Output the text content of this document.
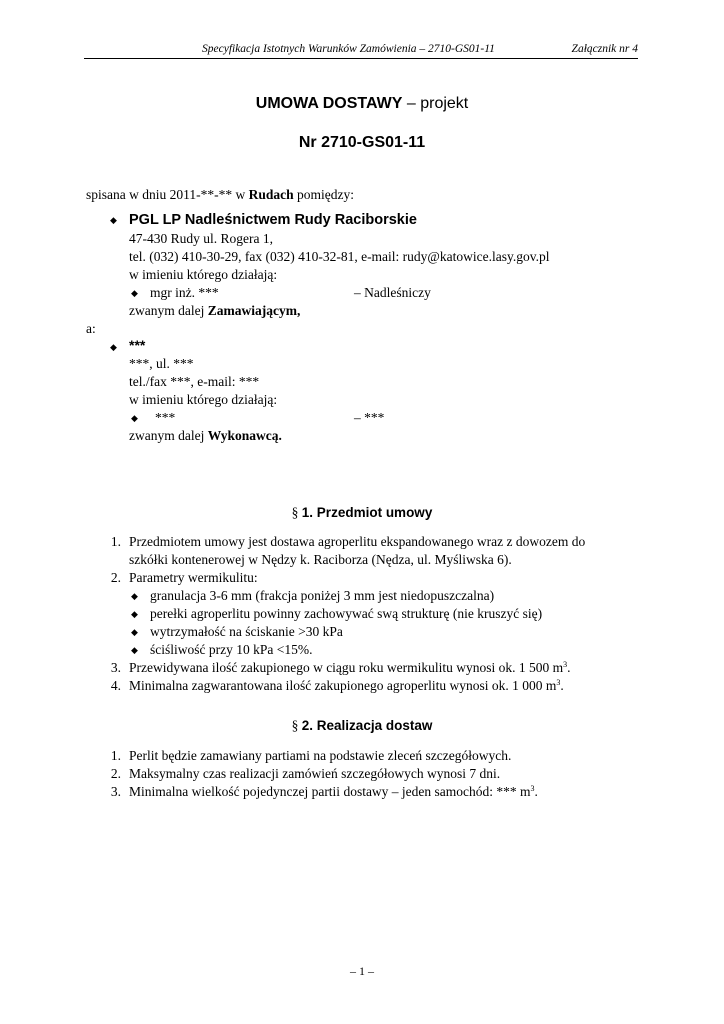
Specyfikacja Istotnych Warunków Zamówienia – 2710-GS01-11	Załącznik nr 4
UMOWA DOSTAWY – projekt
Nr 2710-GS01-11
spisana w dniu 2011-**-** w Rudach pomiędzy:
◆ PGL LP Nadleśnictwem Rudy Raciborskie
47-430 Rudy ul. Rogera 1,
tel. (032) 410-30-29, fax (032) 410-32-81, e-mail: rudy@katowice.lasy.gov.pl
w imieniu którego działają:
◆ mgr inż. ***	– Nadleśniczy
zwanym dalej Zamawiającym,
a:
◆ ***
***, ul. ***
tel./fax ***, e-mail: ***
w imieniu którego działają:
◆ ***	– ***
zwanym dalej Wykonawcą.
§ 1. Przedmiot umowy
1. Przedmiotem umowy jest dostawa agroperlitu ekspandowanego wraz z dowozem do
szkółki kontenerowej w Nędzy k. Raciborza (Nędza, ul. Myśliwska 6).
2. Parametry wermikulitu:
◆ granulacja 3-6 mm (frakcja poniżej 3 mm jest niedopuszczalna)
◆ perełki agroperlitu powinny zachowywać swą strukturę (nie kruszyć się)
◆ wytrzymałość na ściskanie >30 kPa
◆ ściśliwość przy 10 kPa <15%.
3. Przewidywana ilość zakupionego w ciągu roku wermikulitu wynosi ok. 1 500 $m^3$.
4. Minimalna zagwarantowana ilość zakupionego agroperlitu wynosi ok. 1 000 $m^3$.
§ 2. Realizacja dostaw
1. Perlit będzie zamawiany partiami na podstawie zleceń szczegółowych.
2. Maksymalny czas realizacji zamówień szczegółowych wynosi 7 dni.
3. Minimalna wielkość pojedynczej partii dostawy – jeden samochód: *** $m^3$.
– 1 –
